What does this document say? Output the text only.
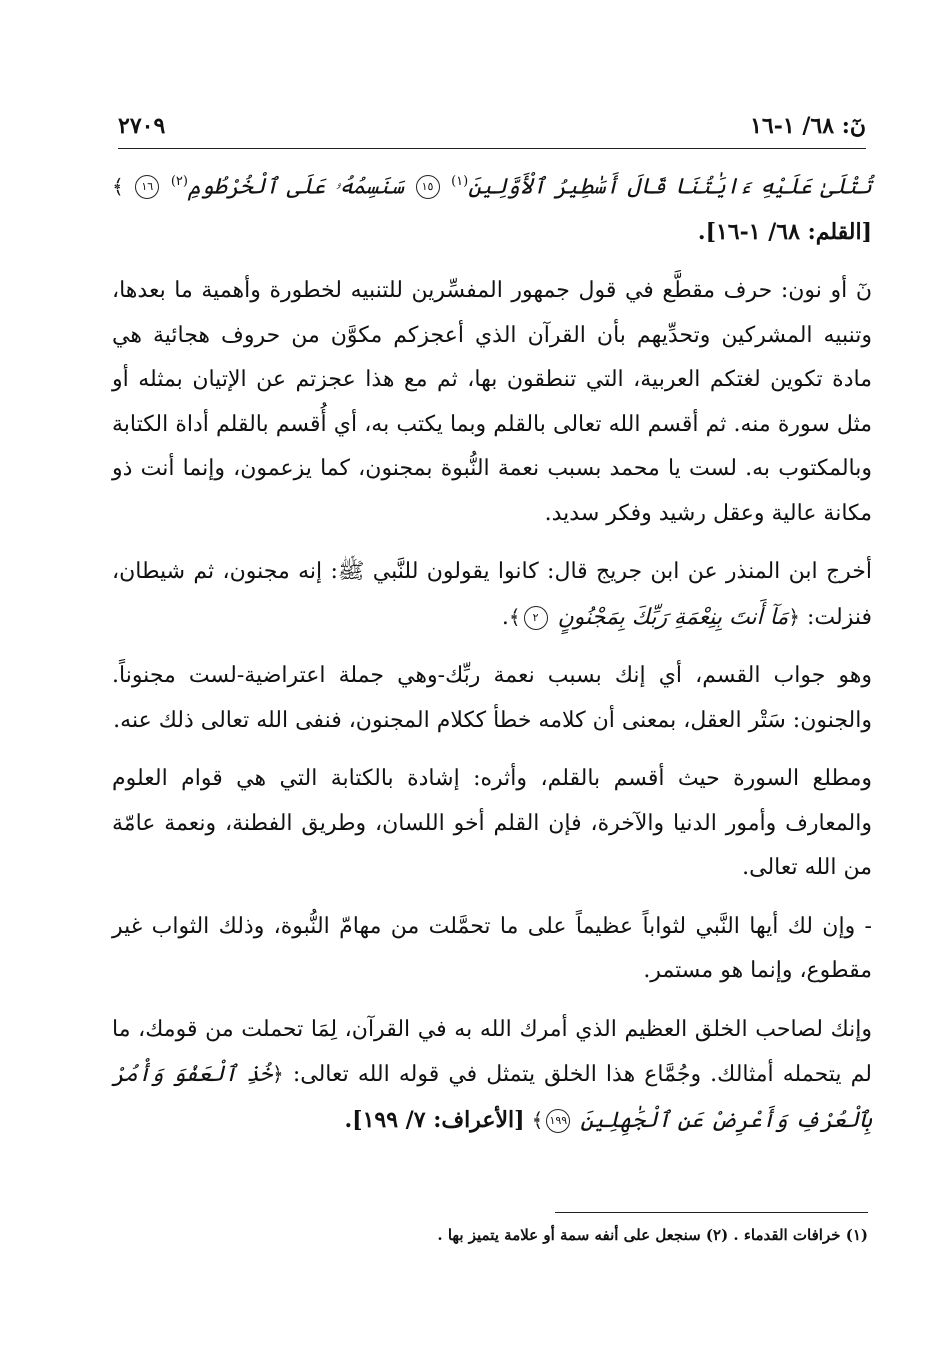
نٓ: ٦٨/ ١-١٦
٢٧٠٩

تُتْلَىٰ عَلَيْهِ ءَايَٰتُنَا قَالَ أَسَٰطِيرُ ٱلْأَوَّلِينَ$^{(١)}$ ١٥ سَنَسِمُهُۥ عَلَى ٱلْخُرْطُومِ$^{(٢)}$ ١٦ ﴾ [القلم: ٦٨/ ١-١٦].

نٓ أو نون: حرف مقطَّع في قول جمهور المفسِّرين للتنبيه لخطورة وأهمية ما بعدها، وتنبيه المشركين وتحدِّيهم بأن القرآن الذي أعجزكم مكوَّن من حروف هجائية هي مادة تكوين لغتكم العربية، التي تنطقون بها، ثم مع هذا عجزتم عن الإتيان بمثله أو مثل سورة منه. ثم أقسم الله تعالى بالقلم وبما يكتب به، أي أُقسم بالقلم أداة الكتابة وبالمكتوب به. لست يا محمد بسبب نعمة النُّبوة بمجنون، كما يزعمون، وإنما أنت ذو مكانة عالية وعقل رشيد وفكر سديد.

أخرج ابن المنذر عن ابن جريج قال: كانوا يقولون للنَّبي ﷺ: إنه مجنون، ثم شيطان، فنزلت: ﴿مَآ أَنتَ بِنِعْمَةِ رَبِّكَ بِمَجْنُونٍ ٢﴾.

وهو جواب القسم، أي إنك بسبب نعمة ربِّك-وهي جملة اعتراضية-لست مجنوناً. والجنون: سَتْر العقل، بمعنى أن كلامه خطأ ككلام المجنون، فنفى الله تعالى ذلك عنه.

ومطلع السورة حيث أقسم بالقلم، وأثره: إشادة بالكتابة التي هي قوام العلوم والمعارف وأمور الدنيا والآخرة، فإن القلم أخو اللسان، وطريق الفطنة، ونعمة عامّة من الله تعالى.

- وإن لك أيها النَّبي لثواباً عظيماً على ما تحمَّلت من مهامّ النُّبوة، وذلك الثواب غير مقطوع، وإنما هو مستمر.

وإنك لصاحب الخلق العظيم الذي أمرك الله به في القرآن، لِمَا تحملت من قومك، ما لم يتحمله أمثالك. وجُمَّاع هذا الخلق يتمثل في قوله الله تعالى: ﴿خُذِ ٱلْعَفْوَ وَأْمُرْ بِٱلْعُرْفِ وَأَعْرِضْ عَنِ ٱلْجَٰهِلِينَ ١٩٩﴾ [الأعراف: ٧/ ١٩٩].

(١) خرافات القدماء . (٢) سنجعل على أنفه سمة أو علامة يتميز بها .
